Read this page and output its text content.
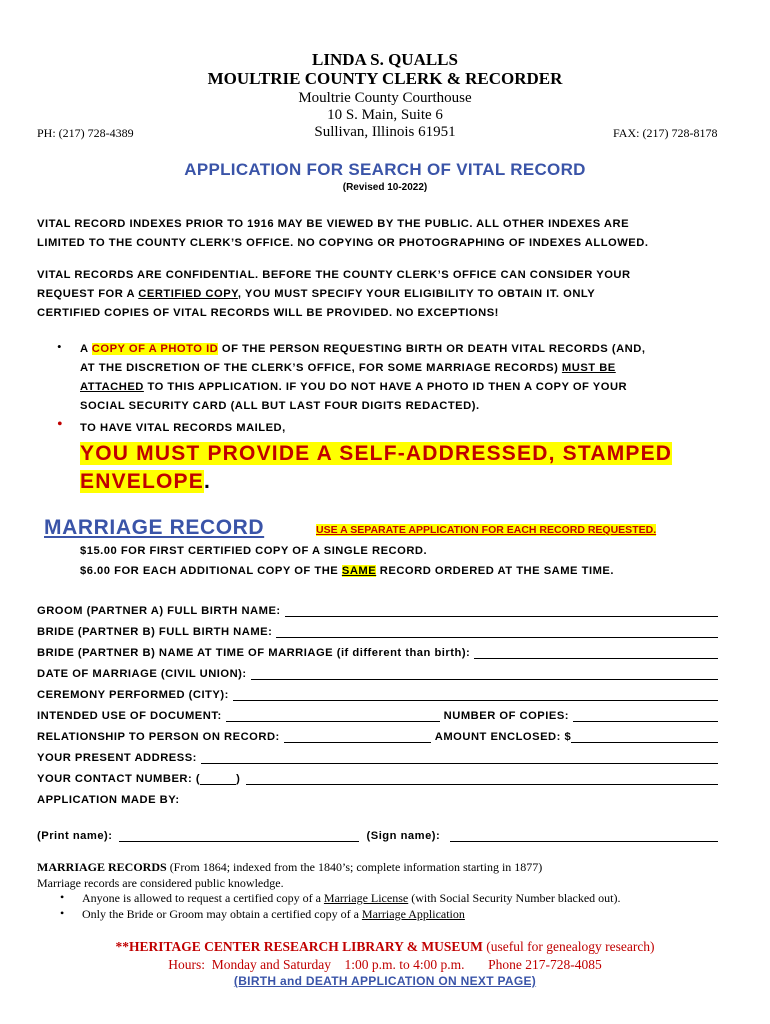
LINDA S. QUALLS
MOULTRIE COUNTY CLERK & RECORDER
Moultrie County Courthouse
10 S. Main, Suite 6
Sullivan, Illinois 61951
PH: (217) 728-4389	FAX: (217) 728-8178
APPLICATION FOR SEARCH OF VITAL RECORD
(Revised 10-2022)
VITAL RECORD INDEXES PRIOR TO 1916 MAY BE VIEWED BY THE PUBLIC. ALL OTHER INDEXES ARE
LIMITED TO THE COUNTY CLERK’S OFFICE. NO COPYING OR PHOTOGRAPHING OF INDEXES ALLOWED.
VITAL RECORDS ARE CONFIDENTIAL. BEFORE THE COUNTY CLERK’S OFFICE CAN CONSIDER YOUR
REQUEST FOR A CERTIFIED COPY, YOU MUST SPECIFY YOUR ELIGIBILITY TO OBTAIN IT. ONLY
CERTIFIED COPIES OF VITAL RECORDS WILL BE PROVIDED. NO EXCEPTIONS!
• A COPY OF A PHOTO ID OF THE PERSON REQUESTING BIRTH OR DEATH VITAL RECORDS (AND,
AT THE DISCRETION OF THE CLERK’S OFFICE, FOR SOME MARRIAGE RECORDS) MUST BE
ATTACHED TO THIS APPLICATION. IF YOU DO NOT HAVE A PHOTO ID THEN A COPY OF YOUR
SOCIAL SECURITY CARD (ALL BUT LAST FOUR DIGITS REDACTED).
• TO HAVE VITAL RECORDS MAILED,
YOU MUST PROVIDE A SELF-ADDRESSED, STAMPED
ENVELOPE.
MARRIAGE RECORD	USE A SEPARATE APPLICATION FOR EACH RECORD REQUESTED.
$15.00 FOR FIRST CERTIFIED COPY OF A SINGLE RECORD.
$6.00 FOR EACH ADDITIONAL COPY OF THE SAME RECORD ORDERED AT THE SAME TIME.
GROOM (PARTNER A) FULL BIRTH NAME:
BRIDE (PARTNER B) FULL BIRTH NAME:
BRIDE (PARTNER B) NAME AT TIME OF MARRIAGE (if different than birth):
DATE OF MARRIAGE (CIVIL UNION):
CEREMONY PERFORMED (CITY):
INTENDED USE OF DOCUMENT:	NUMBER OF COPIES:
RELATIONSHIP TO PERSON ON RECORD:	AMOUNT ENCLOSED: $
YOUR PRESENT ADDRESS:
YOUR CONTACT NUMBER: (	)
APPLICATION MADE BY:
(Print name):	(Sign name):
MARRIAGE RECORDS (From 1864; indexed from the 1840’s; complete information starting in 1877)
Marriage records are considered public knowledge.
• Anyone is allowed to request a certified copy of a Marriage License (with Social Security Number blacked out).
• Only the Bride or Groom may obtain a certified copy of a Marriage Application
**HERITAGE CENTER RESEARCH LIBRARY & MUSEUM (useful for genealogy research)
Hours:  Monday and Saturday    1:00 p.m. to 4:00 p.m.       Phone 217-728-4085
(BIRTH and DEATH APPLICATION ON NEXT PAGE)
